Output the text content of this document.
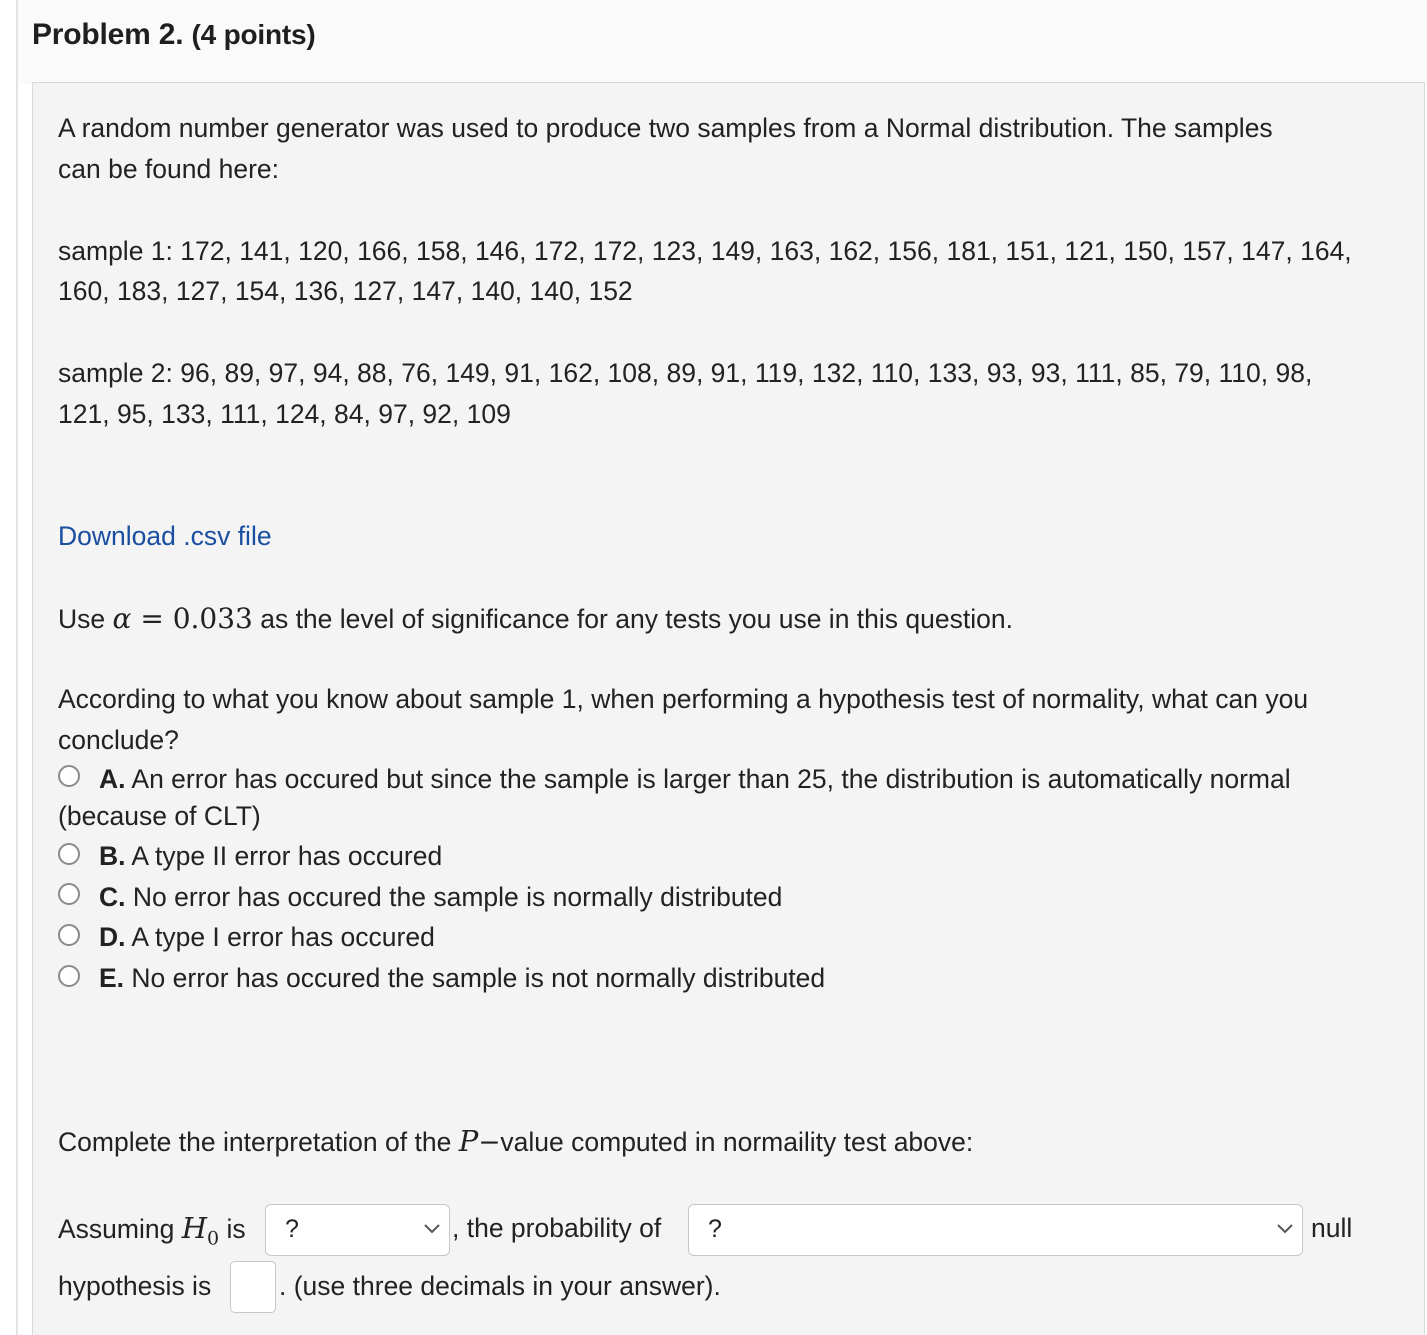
Problem 2. (4 points)
A random number generator was used to produce two samples from a Normal distribution. The samples
can be found here:
sample 1: 172, 141, 120, 166, 158, 146, 172, 172, 123, 149, 163, 162, 156, 181, 151, 121, 150, 157, 147, 164,
160, 183, 127, 154, 136, 127, 147, 140, 140, 152
sample 2: 96, 89, 97, 94, 88, 76, 149, 91, 162, 108, 89, 91, 119, 132, 110, 133, 93, 93, 111, 85, 79, 110, 98,
121, 95, 133, 111, 124, 84, 97, 92, 109
Download .csv file
Use α = 0.033 as the level of significance for any tests you use in this question.
According to what you know about sample 1, when performing a hypothesis test of normality, what can you
conclude?
A. An error has occured but since the sample is larger than 25, the distribution is automatically normal
(because of CLT)
B. A type II error has occured
C. No error has occured the sample is normally distributed
D. A type I error has occured
E. No error has occured the sample is not normally distributed
Complete the interpretation of the P−value computed in normaility test above:
Assuming $H_0$ is ?	, the probability of ?	null
hypothesis is	. (use three decimals in your answer).
